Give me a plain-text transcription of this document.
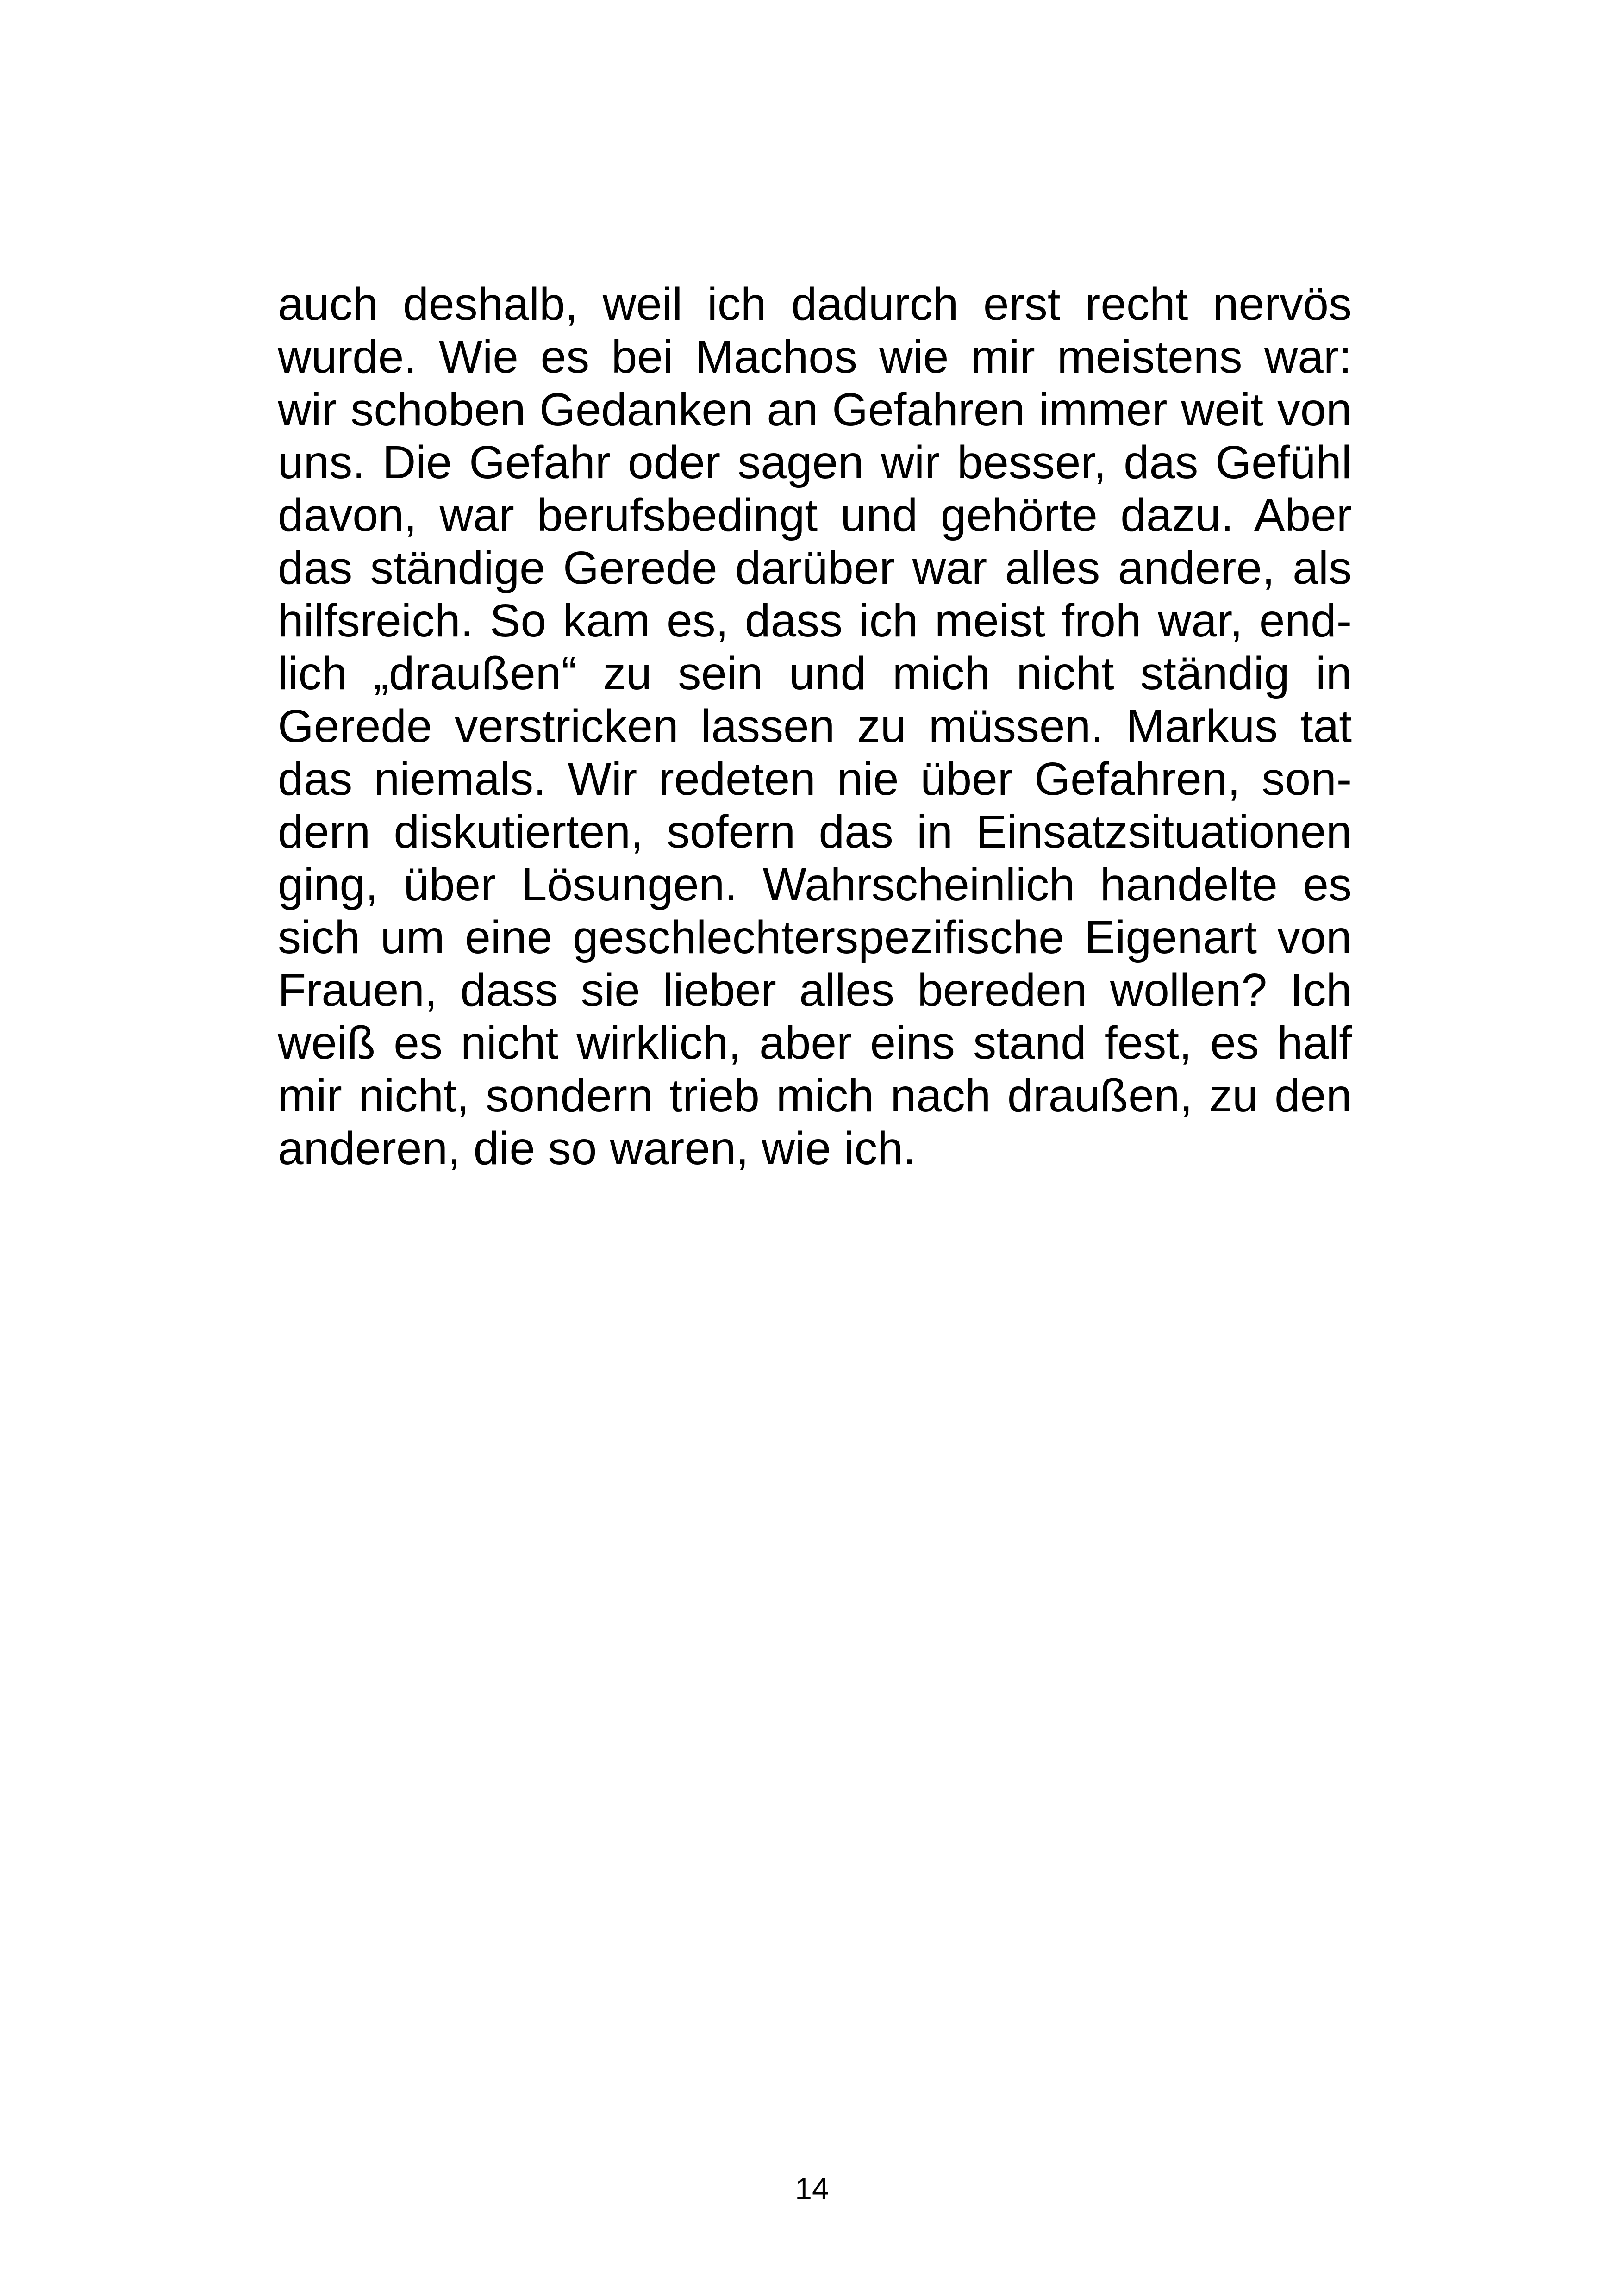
auch deshalb, weil ich dadurch erst recht nervös
wurde. Wie es bei Machos wie mir meistens war:
wir schoben Gedanken an Gefahren immer weit von
uns. Die Gefahr oder sagen wir besser, das Gefühl
davon, war berufsbedingt und gehörte dazu. Aber
das ständige Gerede darüber war alles andere, als
hilfsreich. So kam es, dass ich meist froh war, end-
lich „draußen“ zu sein und mich nicht ständig in
Gerede verstricken lassen zu müssen. Markus tat
das niemals. Wir redeten nie über Gefahren, son-
dern diskutierten, sofern das in Einsatzsituationen
ging, über Lösungen. Wahrscheinlich handelte es
sich um eine geschlechterspezifische Eigenart von
Frauen, dass sie lieber alles bereden wollen? Ich
weiß es nicht wirklich, aber eins stand fest, es half
mir nicht, sondern trieb mich nach draußen, zu den
anderen, die so waren, wie ich.
14
